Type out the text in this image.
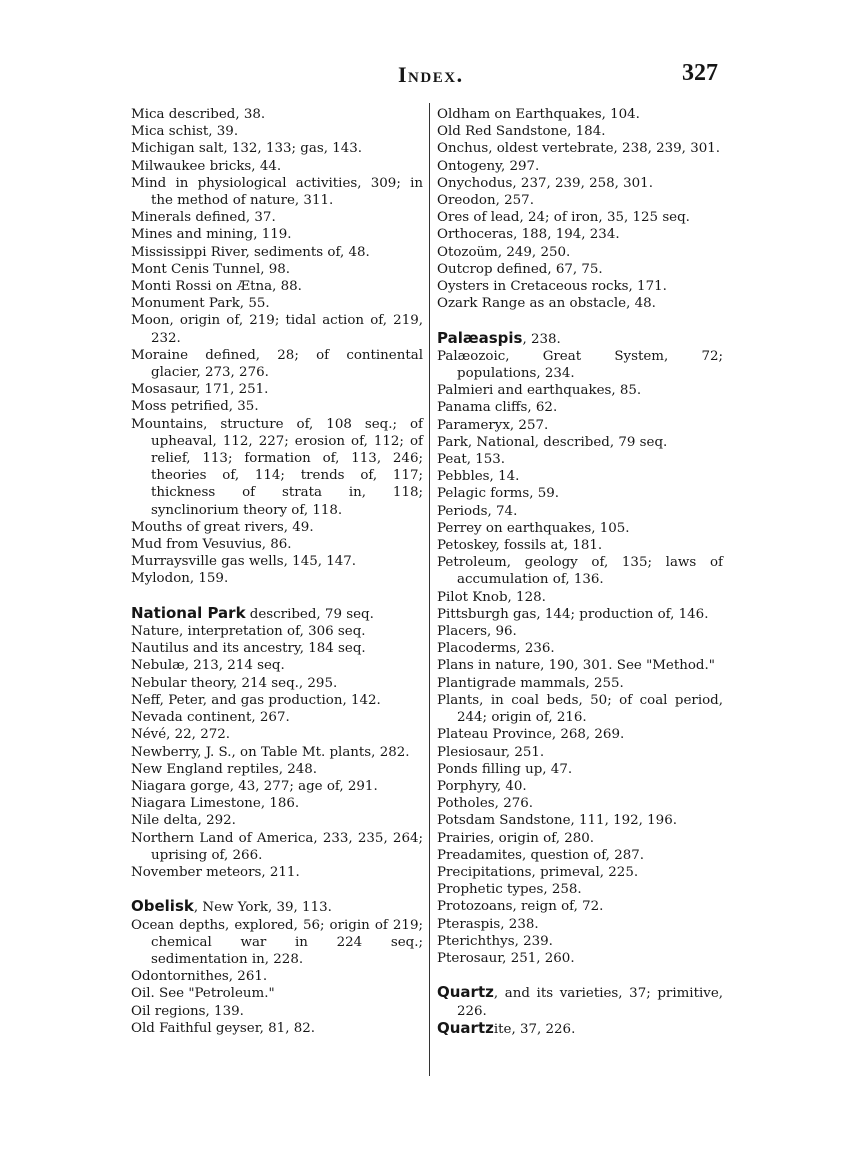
Index.	327

Mica described, 38.

Mica schist, 39.

Michigan salt, 132, 133; gas, 143.

Milwaukee bricks, 44.

Mind in physiological activities, 309; in the method of nature, 311.

Minerals defined, 37.

Mines and mining, 119.

Mississippi River, sediments of, 48.

Mont Cenis Tunnel, 98.

Monti Rossi on Ætna, 88.

Monument Park, 55.

Moon, origin of, 219; tidal action of, 219, 232.

Moraine defined, 28; of continental glacier, 273, 276.

Mosasaur, 171, 251.

Moss petrified, 35.

Mountains, structure of, 108 seq.; of upheaval, 112, 227; erosion of, 112; of relief, 113; formation of, 113, 246; theories of, 114; trends of, 117; thickness of strata in, 118; synclinorium theory of, 118.

Mouths of great rivers, 49.

Mud from Vesuvius, 86.

Murraysville gas wells, 145, 147.

Mylodon, 159.

National Park described, 79 seq.

Nature, interpretation of, 306 seq.

Nautilus and its ancestry, 184 seq.

Nebulæ, 213, 214 seq.

Nebular theory, 214 seq., 295.

Neff, Peter, and gas production, 142.

Nevada continent, 267.

Névé, 22, 272.

Newberry, J. S., on Table Mt. plants, 282.

New England reptiles, 248.

Niagara gorge, 43, 277; age of, 291.

Niagara Limestone, 186.

Nile delta, 292.

Northern Land of America, 233, 235, 264; uprising of, 266.

November meteors, 211.

Obelisk, New York, 39, 113.

Ocean depths, explored, 56; origin of 219; chemical war in 224 seq.; sedimentation in, 228.

Odontornithes, 261.

Oil. See "Petroleum."

Oil regions, 139.

Old Faithful geyser, 81, 82.

Oldham on Earthquakes, 104.

Old Red Sandstone, 184.

Onchus, oldest vertebrate, 238, 239, 301.

Ontogeny, 297.

Onychodus, 237, 239, 258, 301.

Oreodon, 257.

Ores of lead, 24; of iron, 35, 125 seq.

Orthoceras, 188, 194, 234.

Otozoüm, 249, 250.

Outcrop defined, 67, 75.

Oysters in Cretaceous rocks, 171.

Ozark Range as an obstacle, 48.

Palæaspis, 238.

Palæozoic, Great System, 72; populations, 234.

Palmieri and earthquakes, 85.

Panama cliffs, 62.

Parameryx, 257.

Park, National, described, 79 seq.

Peat, 153.

Pebbles, 14.

Pelagic forms, 59.

Periods, 74.

Perrey on earthquakes, 105.

Petoskey, fossils at, 181.

Petroleum, geology of, 135; laws of accumulation of, 136.

Pilot Knob, 128.

Pittsburgh gas, 144; production of, 146.

Placers, 96.

Placoderms, 236.

Plans in nature, 190, 301. See "Method."

Plantigrade mammals, 255.

Plants, in coal beds, 50; of coal period, 244; origin of, 216.

Plateau Province, 268, 269.

Plesiosaur, 251.

Ponds filling up, 47.

Porphyry, 40.

Potholes, 276.

Potsdam Sandstone, 111, 192, 196.

Prairies, origin of, 280.

Preadamites, question of, 287.

Precipitations, primeval, 225.

Prophetic types, 258.

Protozoans, reign of, 72.

Pteraspis, 238.

Pterichthys, 239.

Pterosaur, 251, 260.

Quartz, and its varieties, 37; primitive, 226.

Quartzite, 37, 226.
